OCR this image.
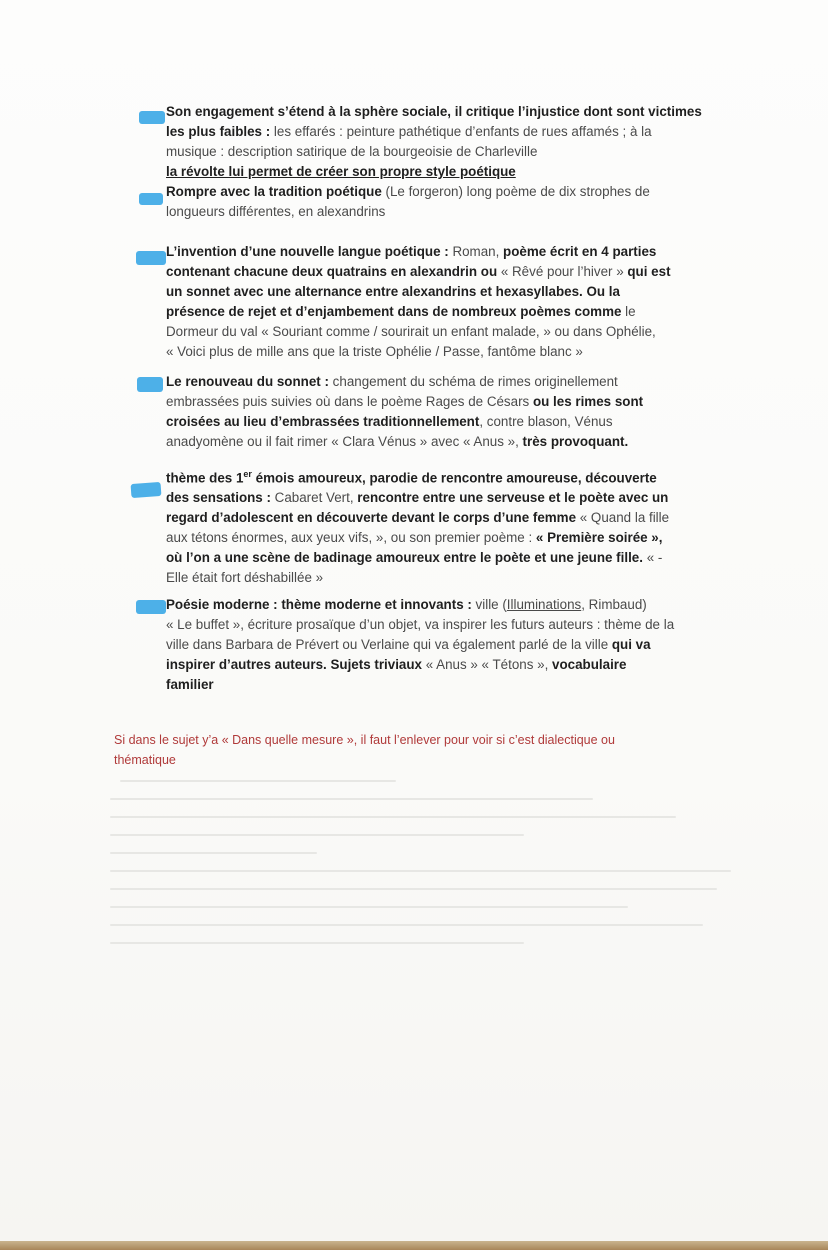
Son engagement s’étend à la sphère sociale, il critique l’injustice dont sont victimes
les plus faibles : les effarés : peinture pathétique d’enfants de rues affamés ; à la
musique : description satirique de la bourgeoisie de Charleville
la révolte lui permet de créer son propre style poétique
Rompre avec la tradition poétique (Le forgeron) long poème de dix strophes de
longueurs différentes, en alexandrins
L’invention d’une nouvelle langue poétique : Roman, poème écrit en 4 parties
contenant chacune deux quatrains en alexandrin ou « Rêvé pour l’hiver » qui est
un sonnet avec une alternance entre alexandrins et hexasyllabes. Ou la
présence de rejet et d’enjambement dans de nombreux poèmes comme le
Dormeur du val « Souriant comme / sourirait un enfant malade, » ou dans Ophélie,
« Voici plus de mille ans que la triste Ophélie / Passe, fantôme blanc »
Le renouveau du sonnet : changement du schéma de rimes originellement
embrassées puis suivies où dans le poème Rages de Césars ou les rimes sont
croisées au lieu d’embrassées traditionnellement, contre blason, Vénus
anadyomène ou il fait rimer « Clara Vénus » avec « Anus », très provoquant.
thème des 1er émois amoureux, parodie de rencontre amoureuse, découverte
des sensations : Cabaret Vert, rencontre entre une serveuse et le poète avec un
regard d’adolescent en découverte devant le corps d’une femme « Quand la fille
aux tétons énormes, aux yeux vifs, », ou son premier poème : « Première soirée »,
où l’on a une scène de badinage amoureux entre le poète et une jeune fille. « -
Elle était fort déshabillée »
Poésie moderne : thème moderne et innovants : ville (Illuminations, Rimbaud)
« Le buffet », écriture prosaïque d’un objet, va inspirer les futurs auteurs : thème de la
ville dans Barbara de Prévert ou Verlaine qui va également parlé de la ville qui va
inspirer d’autres auteurs. Sujets triviaux « Anus » « Tétons », vocabulaire
familier
Si dans le sujet y’a « Dans quelle mesure », il faut l’enlever pour voir si c’est dialectique ou
thématique
